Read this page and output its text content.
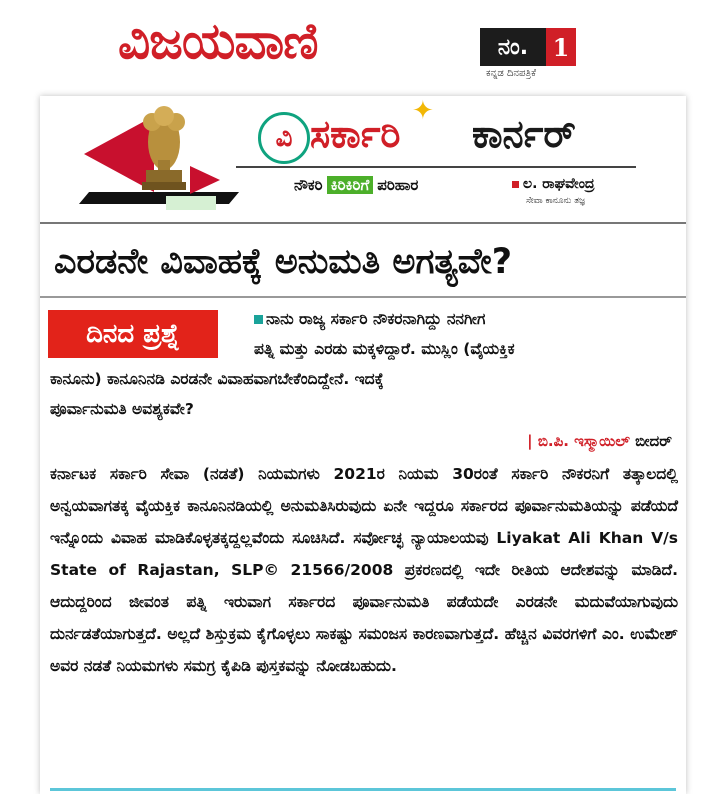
ವಿಜಯವಾಣಿ	ನಂ.	1
ಕನ್ನಡ ದಿನಪತ್ರಿಕೆ
✦
ವಿ ಸರ್ಕಾರಿ ಕಾರ್ನರ್
ನೌಕರಿ ಕಿರಿಕಿರಿಗೆ ಪರಿಹಾರ	ಲ. ರಾಘವೇಂದ್ರ
ಸೇವಾ ಕಾನೂನು ತಜ್ಞ
ಎರಡನೇ ವಿವಾಹಕ್ಕೆ ಅನುಮತಿ ಅಗತ್ಯವೇ?
ನಾನು ರಾಜ್ಯ ಸರ್ಕಾರಿ ನೌಕರನಾಗಿದ್ದು ನನಗೀಗ
ಪತ್ನಿ ಮತ್ತು ಎರಡು ಮಕ್ಕಳಿದ್ದಾರೆ. ಮುಸ್ಲಿಂ (ವೈಯಕ್ತಿಕ
ಕಾನೂನು) ಕಾನೂನಿನಡಿ ಎರಡನೇ ವಿವಾಹವಾಗಬೇಕೆಂದಿದ್ದೇನೆ. ಇದಕ್ಕೆ
ಪೂರ್ವಾನುಮತಿ ಅವಶ್ಯಕವೇ?
ದಿನದ ಪ್ರಶ್ನೆ
| ಬಿ.ಪಿ. ಇಸ್ಮಾಯಿಲ್ ಬೀದರ್
ಕರ್ನಾಟಕ ಸರ್ಕಾರಿ ಸೇವಾ (ನಡತೆ) ನಿಯಮಗಳು 2021ರ ನಿಯಮ 30ರಂತೆ ಸರ್ಕಾರಿ ನೌಕರನಿಗೆ ತತ್ಕಾಲದಲ್ಲಿ ಅನ್ವಯವಾಗತಕ್ಕ ವೈಯಕ್ತಿಕ ಕಾನೂನಿನಡಿಯಲ್ಲಿ ಅನುಮತಿಸಿರುವುದು ಏನೇ ಇದ್ದರೂ ಸರ್ಕಾರದ ಪೂರ್ವಾನುಮತಿಯನ್ನು ಪಡೆಯದೆ ಇನ್ನೊಂದು ವಿವಾಹ ಮಾಡಿಕೊಳ್ಳತಕ್ಕದ್ದಲ್ಲವೆಂದು ಸೂಚಿಸಿದೆ. ಸರ್ವೋಚ್ಛ ನ್ಯಾಯಾಲಯವು Liyakat Ali Khan V/s State of Rajastan, SLP© 21566/2008 ಪ್ರಕರಣದಲ್ಲಿ ಇದೇ ರೀತಿಯ ಆದೇಶವನ್ನು ಮಾಡಿದೆ. ಆದುದ್ದರಿಂದ ಜೀವಂತ ಪತ್ನಿ ಇರುವಾಗ ಸರ್ಕಾರದ ಪೂರ್ವಾನುಮತಿ ಪಡೆಯದೇ ಎರಡನೇ ಮದುವೆಯಾಗುವುದು ದುರ್ನಡತೆಯಾಗುತ್ತದೆ. ಅಲ್ಲದೆ ಶಿಸ್ತುಕ್ರಮ ಕೈಗೊಳ್ಳಲು ಸಾಕಷ್ಟು ಸಮಂಜಸ ಕಾರಣವಾಗುತ್ತದೆ. ಹೆಚ್ಚಿನ ವಿವರಗಳಿಗೆ ಎಂ. ಉಮೇಶ್ ಅವರ ನಡತೆ ನಿಯಮಗಳು ಸಮಗ್ರ ಕೈಪಿಡಿ ಪುಸ್ತಕವನ್ನು ನೋಡಬಹುದು.
